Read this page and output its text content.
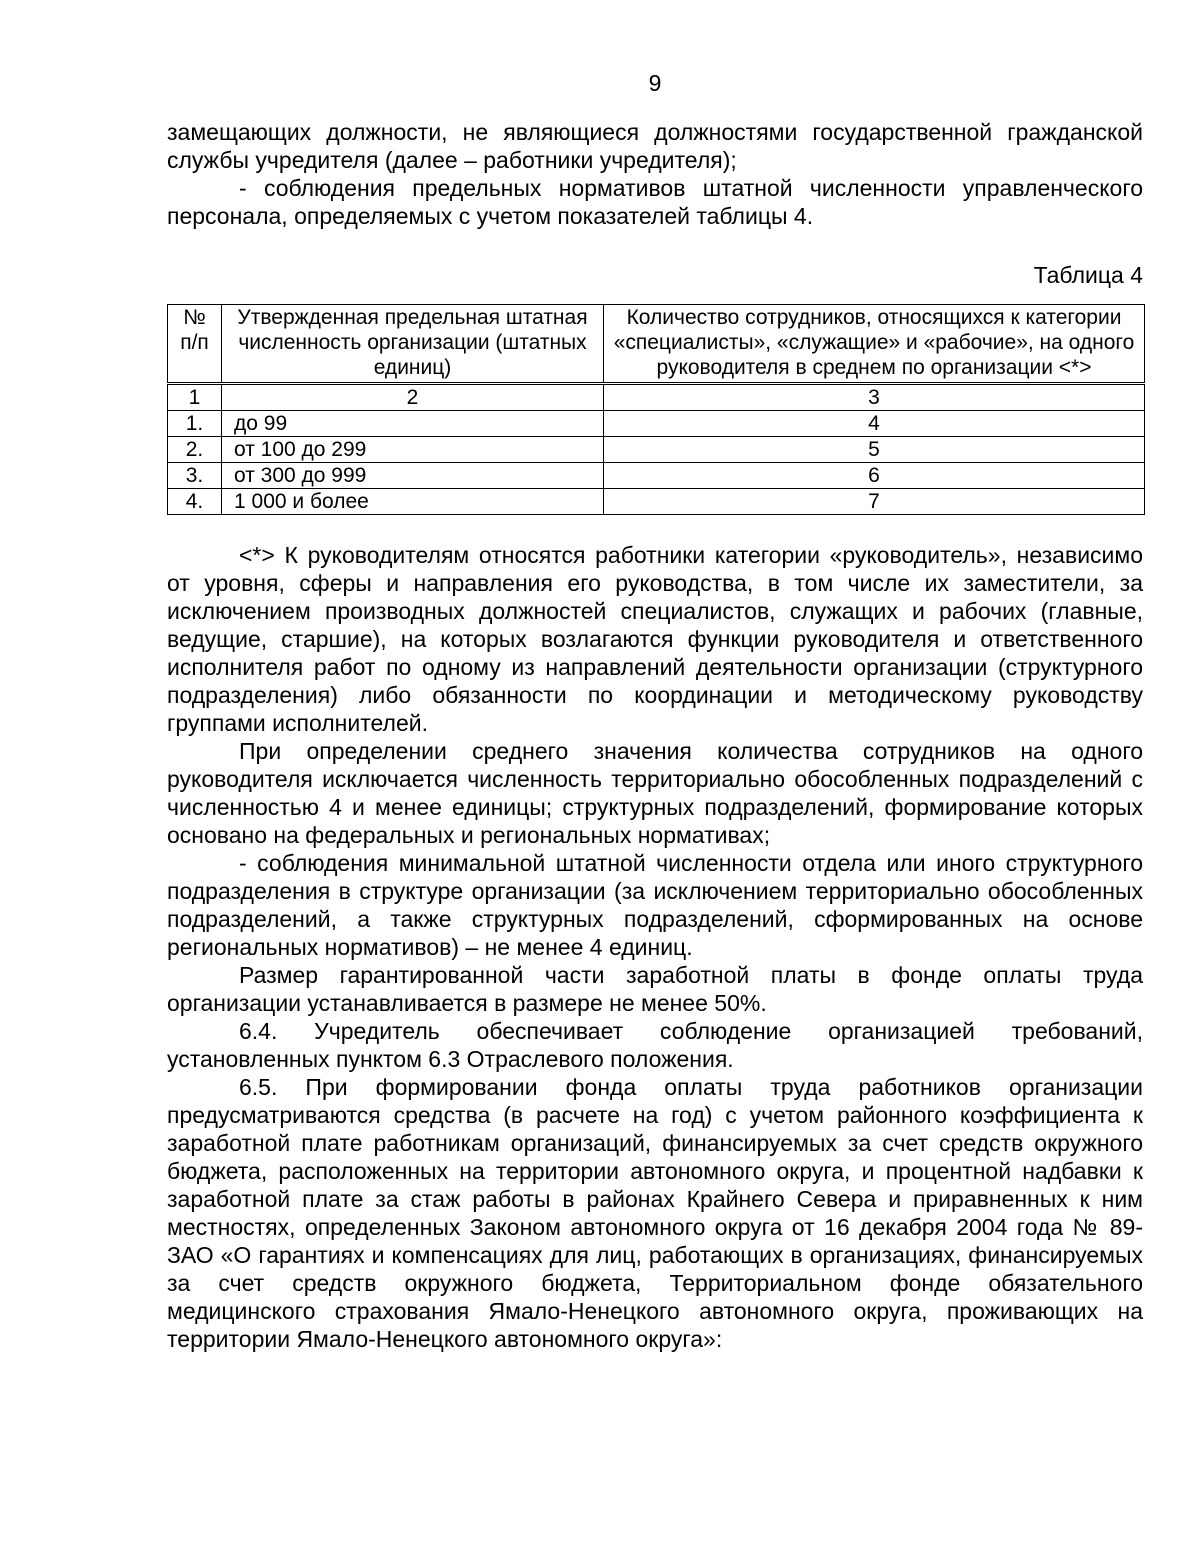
9

замещающих должности, не являющиеся должностями государственной гражданской службы учредителя (далее – работники учредителя);

- соблюдения предельных нормативов штатной численности управленческого персонала, определяемых с учетом показателей таблицы 4.

Таблица 4
№ п/п	Утвержденная предельная штатная численность организации (штатных единиц)	Количество сотрудников, относящихся к категории «специалисты», «служащие» и «рабочие», на одного руководителя в среднем по организации <*>
1	2	3
1.	до 99	4
2.	от 100 до 299	5
3.	от 300 до 999	6
4.	1 000 и более	7

<*> К руководителям относятся работники категории «руководитель», независимо от уровня, сферы и направления его руководства, в том числе их заместители, за исключением производных должностей специалистов, служащих и рабочих (главные, ведущие, старшие), на которых возлагаются функции руководителя и ответственного исполнителя работ по одному из направлений деятельности организации (структурного подразделения) либо обязанности по координации и методическому руководству группами исполнителей.

При определении среднего значения количества сотрудников на одного руководителя исключается численность территориально обособленных подразделений с численностью 4 и менее единицы; структурных подразделений, формирование которых основано на федеральных и региональных нормативах;

- соблюдения минимальной штатной численности отдела или иного структурного подразделения в структуре организации (за исключением территориально обособленных подразделений, а также структурных подразделений, сформированных на основе региональных нормативов) – не менее 4 единиц.

Размер гарантированной части заработной платы в фонде оплаты труда организации устанавливается в размере не менее 50%.

6.4. Учредитель обеспечивает соблюдение организацией требований, установленных пунктом 6.3 Отраслевого положения.

6.5. При формировании фонда оплаты труда работников организации предусматриваются средства (в расчете на год) с учетом районного коэффициента к заработной плате работникам организаций, финансируемых за счет средств окружного бюджета, расположенных на территории автономного округа, и процентной надбавки к заработной плате за стаж работы в районах Крайнего Севера и приравненных к ним местностях, определенных Законом автономного округа от 16 декабря 2004 года № 89-ЗАО «О гарантиях и компенсациях для лиц, работающих в организациях, финансируемых за счет средств окружного бюджета, Территориальном фонде обязательного медицинского страхования Ямало-Ненецкого автономного округа, проживающих на территории Ямало-Ненецкого автономного округа»:
